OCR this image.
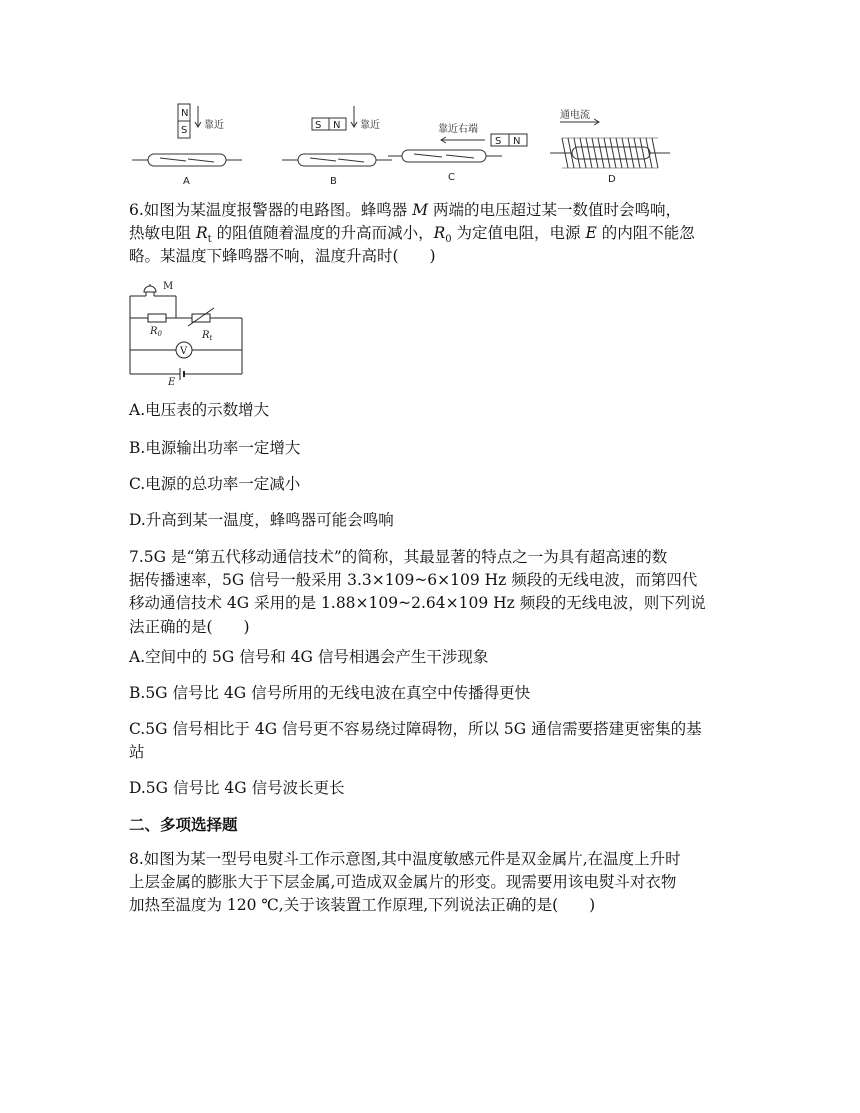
N
S 靠近	S N 靠近	靠近右端
S N
通电流
A	B	C	D

6.如图为某温度报警器的电路图。蜂鸣器 M 两端的电压超过某一数值时会鸣响，

热敏电阻 $R_t$ 的阻值随着温度的升高而减小，$R_0$ 为定值电阻，电源 E 的内阻不能忽

略。某温度下蜂鸣器不响，温度升高时(　　)

M
$R_0$	$R_t$
V
E

A.电压表的示数增大

B.电源输出功率一定增大

C.电源的总功率一定减小

D.升高到某一温度，蜂鸣器可能会鸣响

7.5G 是“第五代移动通信技术”的简称，其最显著的特点之一为具有超高速的数

据传播速率，5G 信号一般采用 3.3×109~6×109 Hz 频段的无线电波，而第四代

移动通信技术 4G 采用的是 1.88×109~2.64×109 Hz 频段的无线电波，则下列说

法正确的是(　　)

A.空间中的 5G 信号和 4G 信号相遇会产生干涉现象

B.5G 信号比 4G 信号所用的无线电波在真空中传播得更快

C.5G 信号相比于 4G 信号更不容易绕过障碍物，所以 5G 通信需要搭建更密集的基

站

D.5G 信号比 4G 信号波长更长

二、多项选择题

8.如图为某一型号电熨斗工作示意图,其中温度敏感元件是双金属片,在温度上升时

上层金属的膨胀大于下层金属,可造成双金属片的形变。现需要用该电熨斗对衣物

加热至温度为 120 ℃,关于该装置工作原理,下列说法正确的是(　　)
